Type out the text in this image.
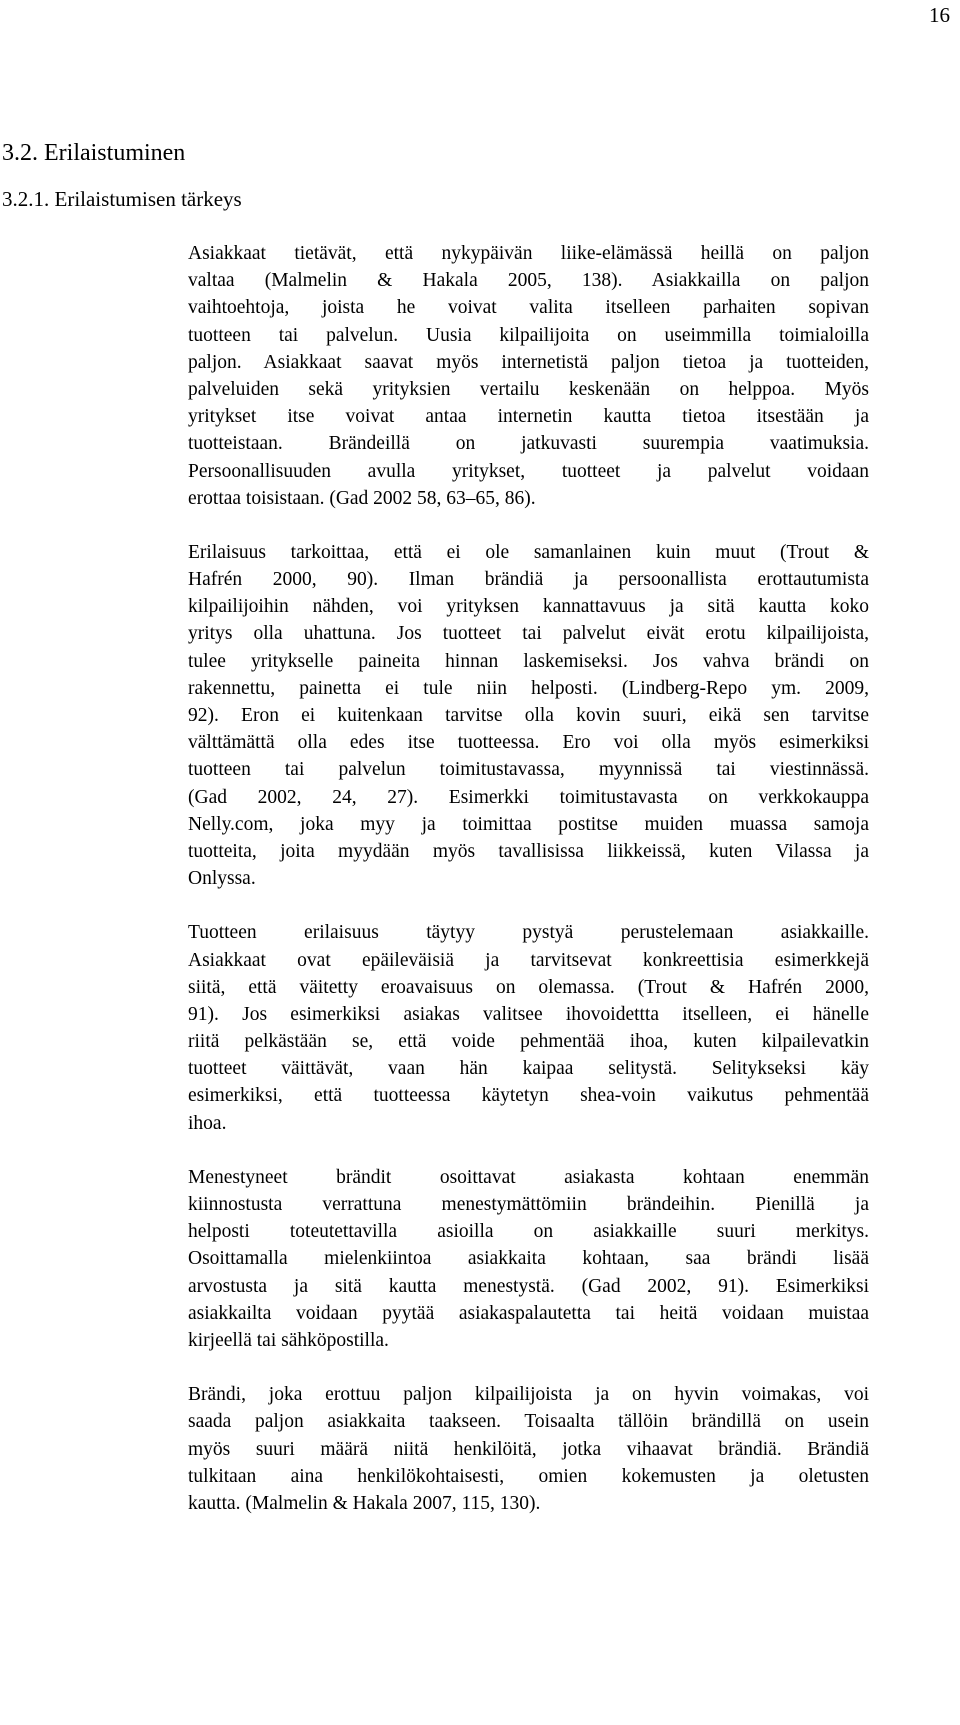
16
3.2. Erilaistuminen
3.2.1. Erilaistumisen tärkeys
Asiakkaat tietävät, että nykypäivän liike-elämässä heillä on paljon
valtaa (Malmelin & Hakala 2005, 138). Asiakkailla on paljon
vaihtoehtoja, joista he voivat valita itselleen parhaiten sopivan
tuotteen tai palvelun. Uusia kilpailijoita on useimmilla toimialoilla
paljon. Asiakkaat saavat myös internetistä paljon tietoa ja tuotteiden,
palveluiden sekä yrityksien vertailu keskenään on helppoa. Myös
yritykset itse voivat antaa internetin kautta tietoa itsestään ja
tuotteistaan. Brändeillä on jatkuvasti suurempia vaatimuksia.
Persoonallisuuden avulla yritykset, tuotteet ja palvelut voidaan
erottaa toisistaan. (Gad 2002 58, 63–65, 86).
Erilaisuus tarkoittaa, että ei ole samanlainen kuin muut (Trout &
Hafrén 2000, 90). Ilman brändiä ja persoonallista erottautumista
kilpailijoihin nähden, voi yrityksen kannattavuus ja sitä kautta koko
yritys olla uhattuna. Jos tuotteet tai palvelut eivät erotu kilpailijoista,
tulee yritykselle paineita hinnan laskemiseksi. Jos vahva brändi on
rakennettu, painetta ei tule niin helposti. (Lindberg-Repo ym. 2009,
92). Eron ei kuitenkaan tarvitse olla kovin suuri, eikä sen tarvitse
välttämättä olla edes itse tuotteessa. Ero voi olla myös esimerkiksi
tuotteen tai palvelun toimitustavassa, myynnissä tai viestinnässä.
(Gad 2002, 24, 27). Esimerkki toimitustavasta on verkkokauppa
Nelly.com, joka myy ja toimittaa postitse muiden muassa samoja
tuotteita, joita myydään myös tavallisissa liikkeissä, kuten Vilassa ja
Onlyssa.
Tuotteen erilaisuus täytyy pystyä perustelemaan asiakkaille.
Asiakkaat ovat epäileväisiä ja tarvitsevat konkreettisia esimerkkejä
siitä, että väitetty eroavaisuus on olemassa. (Trout & Hafrén 2000,
91). Jos esimerkiksi asiakas valitsee ihovoidettta itselleen, ei hänelle
riitä pelkästään se, että voide pehmentää ihoa, kuten kilpailevatkin
tuotteet väittävät, vaan hän kaipaa selitystä. Selitykseksi käy
esimerkiksi, että tuotteessa käytetyn shea-voin vaikutus pehmentää
ihoa.
Menestyneet brändit osoittavat asiakasta kohtaan enemmän
kiinnostusta verrattuna menestymättömiin brändeihin. Pienillä ja
helposti toteutettavilla asioilla on asiakkaille suuri merkitys.
Osoittamalla mielenkiintoa asiakkaita kohtaan, saa brändi lisää
arvostusta ja sitä kautta menestystä. (Gad 2002, 91). Esimerkiksi
asiakkailta voidaan pyytää asiakaspalautetta tai heitä voidaan muistaa
kirjeellä tai sähköpostilla.
Brändi, joka erottuu paljon kilpailijoista ja on hyvin voimakas, voi
saada paljon asiakkaita taakseen. Toisaalta tällöin brändillä on usein
myös suuri määrä niitä henkilöitä, jotka vihaavat brändiä. Brändiä
tulkitaan aina henkilökohtaisesti, omien kokemusten ja oletusten
kautta. (Malmelin & Hakala 2007, 115, 130).
